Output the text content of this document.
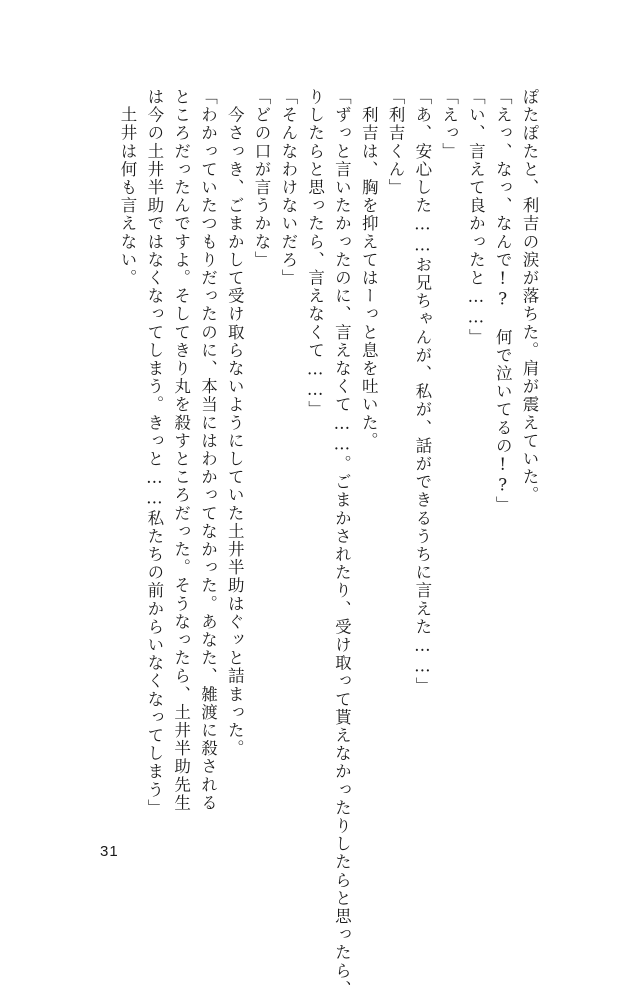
ぽたぽたと、利吉の涙が落ちた。肩が震えていた。
「えっ、なっ、なんで!?　何で泣いてるの!?」
「い、言えて良かったと……」
「えっ」
「あ、安心した……お兄ちゃんが、私が、話ができるうちに言えた……」
「利吉くん」
　利吉は、胸を抑えてはーっと息を吐いた。
「ずっと言いたかったのに、言えなくて……。ごまかされたり、受け取って貰えなかったりしたらと思ったら、
りしたらと思ったら、言えなくて……」
「そんなわけないだろ」
「どの口が言うかな」
　今さっき、ごまかして受け取らないようにしていた土井半助はぐッと詰まった。
「わかっていたつもりだったのに、本当にはわかってなかった。あなた、雑渡に殺される
ところだったんですよ。そしてきり丸を殺すところだった。そうなったら、土井半助先生
は今の土井半助ではなくなってしまう。きっと……私たちの前からいなくなってしまう」
　土井は何も言えない。
31
